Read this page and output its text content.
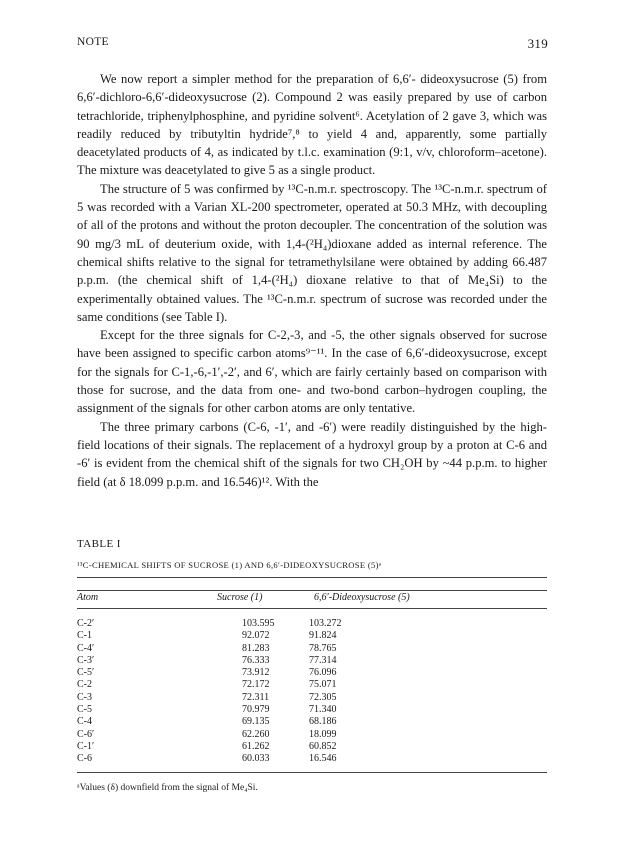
NOTE	319

We now report a simpler method for the preparation of 6,6′- dideoxysucrose (5) from 6,6′-dichloro-6,6′-dideoxysucrose (2). Compound 2 was easily prepared by use of carbon tetrachloride, triphenylphosphine, and pyridine solvent⁶. Acetylation of 2 gave 3, which was readily reduced by tributyltin hydride⁷,⁸ to yield 4 and, apparently, some partially deacetylated products of 4, as indicated by t.l.c. examination (9:1, v/v, chloroform–acetone). The mixture was deacetylated to give 5 as a single product.

The structure of 5 was confirmed by ¹³C-n.m.r. spectroscopy. The ¹³C-n.m.r. spectrum of 5 was recorded with a Varian XL-200 spectrometer, operated at 50.3 MHz, with decoupling of all of the protons and without the proton decoupler. The concentration of the solution was 90 mg/3 mL of deuterium oxide, with 1,4-(²H₄)dioxane added as internal reference. The chemical shifts relative to the signal for tetramethylsilane were obtained by adding 66.487 p.p.m. (the chemical shift of 1,4-(²H₄) dioxane relative to that of Me₄Si) to the experimentally obtained values. The ¹³C-n.m.r. spectrum of sucrose was recorded under the same conditions (see Table I).

Except for the three signals for C-2,-3, and -5, the other signals observed for sucrose have been assigned to specific carbon atoms⁹⁻¹¹. In the case of 6,6′-dideoxysucrose, except for the signals for C-1,-6,-1′,-2′, and 6′, which are fairly certainly based on comparison with those for sucrose, and the data from one- and two-bond carbon–hydrogen coupling, the assignment of the signals for other carbon atoms are only tentative.

The three primary carbons (C-6, -1′, and -6′) were readily distinguished by the high-field locations of their signals. The replacement of a hydroxyl group by a proton at C-6 and -6′ is evident from the chemical shift of the signals for two CH₂OH by ~44 p.p.m. to higher field (at δ 18.099 p.p.m. and 16.546)¹². With the

TABLE I
¹³C-CHEMICAL SHIFTS OF SUCROSE (1) AND 6,6′-DIDEOXYSUCROSE (5)ᵃ
Atom	Sucrose (1)	6,6′-Dideoxysucrose (5)
C-2′	103.595	103.272
C-1	92.072	91.824
C-4′	81.283	78.765
C-3′	76.333	77.314
C-5′	73.912	76.096
C-2	72.172	75.071
C-3	72.311	72.305
C-5	70.979	71.340
C-4	69.135	68.186
C-6′	62.260	18.099
C-1′	61.262	60.852
C-6	60.033	16.546
ᵃValues (δ) downfield from the signal of Me₄Si.
